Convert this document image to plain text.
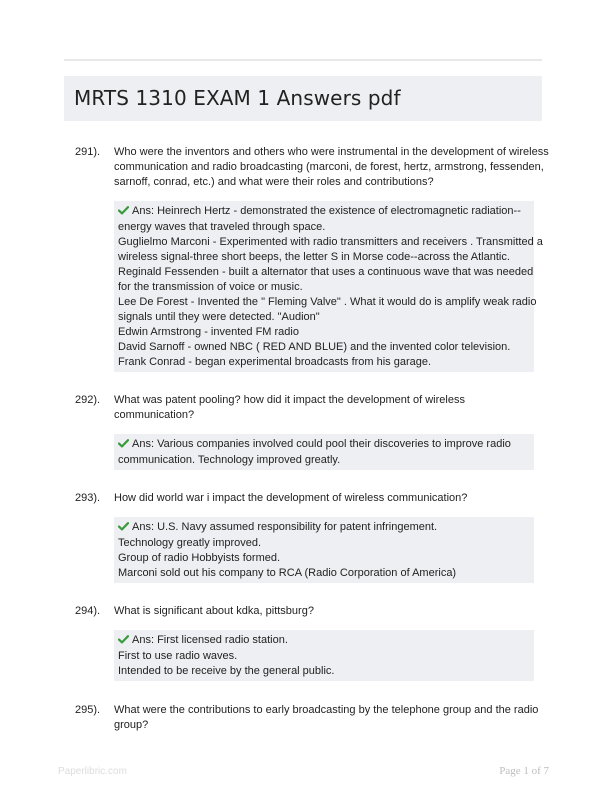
MRTS 1310 EXAM 1 Answers pdf
291). Who were the inventors and others who were instrumental in the development of wireless
communication and radio broadcasting (marconi, de forest, hertz, armstrong, fessenden,
sarnoff, conrad, etc.) and what were their roles and contributions?
Ans: Heinrech Hertz - demonstrated the existence of electromagnetic radiation--
energy waves that traveled through space.
Guglielmo Marconi - Experimented with radio transmitters and receivers . Transmitted a
wireless signal-three short beeps, the letter S in Morse code--across the Atlantic.
Reginald Fessenden - built a alternator that uses a continuous wave that was needed
for the transmission of voice or music.
Lee De Forest - Invented the " Fleming Valve" . What it would do is amplify weak radio
signals until they were detected. "Audion"
Edwin Armstrong - invented FM radio
David Sarnoff - owned NBC ( RED AND BLUE) and the invented color television.
Frank Conrad - began experimental broadcasts from his garage.
292). What was patent pooling? how did it impact the development of wireless
communication?
Ans: Various companies involved could pool their discoveries to improve radio
communication. Technology improved greatly.
293). How did world war i impact the development of wireless communication?
Ans: U.S. Navy assumed responsibility for patent infringement.
Technology greatly improved.
Group of radio Hobbyists formed.
Marconi sold out his company to RCA (Radio Corporation of America)
294). What is significant about kdka, pittsburg?
Ans: First licensed radio station.
First to use radio waves.
Intended to be receive by the general public.
295). What were the contributions to early broadcasting by the telephone group and the radio
group?
Paperlibric.com	Page 1 of 7
